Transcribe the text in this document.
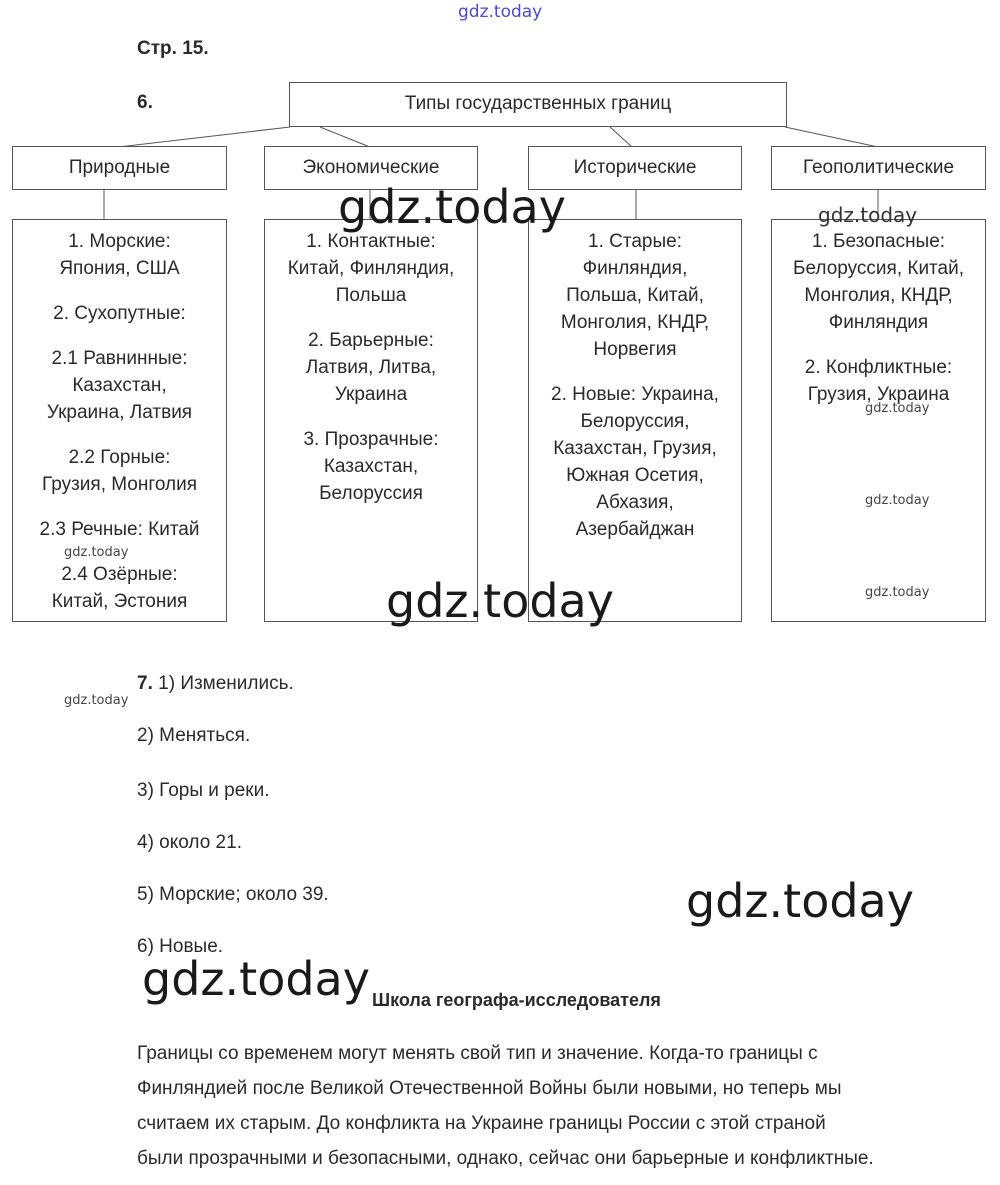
gdz.today
Стр. 15.
6.	Типы государственных границ
Природные	Экономические	Исторические	Геополитические
1. Морские:
Япония, США
2. Сухопутные:
2.1 Равнинные:
Казахстан,
Украина, Латвия
2.2 Горные:
Грузия, Монголия
2.3 Речные: Китай
2.4 Озёрные:
Китай, Эстония
1. Контактные:
Китай, Финляндия,
Польша
2. Барьерные:
Латвия, Литва,
Украина
3. Прозрачные:
Казахстан,
Белоруссия
1. Старые:
Финляндия,
Польша, Китай,
Монголия, КНДР,
Норвегия
2. Новые: Украина,
Белоруссия,
Казахстан, Грузия,
Южная Осетия,
Абхазия,
Азербайджан
1. Безопасные:
Белоруссия, Китай,
Монголия, КНДР,
Финляндия
2. Конфликтные:
Грузия, Украина
gdz.today	gdz.today
gdz.today
gdz.today
gdz.today
gdz.today
gdz.today
7. 1) Изменились.
gdz.today
2) Меняться.
3) Горы и реки.
4) около 21.
5) Морские; около 39.
6) Новые.
gdz.today
gdz.today Школа географа-исследователя
Границы со временем могут менять свой тип и значение. Когда-то границы с
Финляндией после Великой Отечественной Войны были новыми, но теперь мы
считаем их старым. До конфликта на Украине границы России с этой страной
были прозрачными и безопасными, однако, сейчас они барьерные и конфликтные.
